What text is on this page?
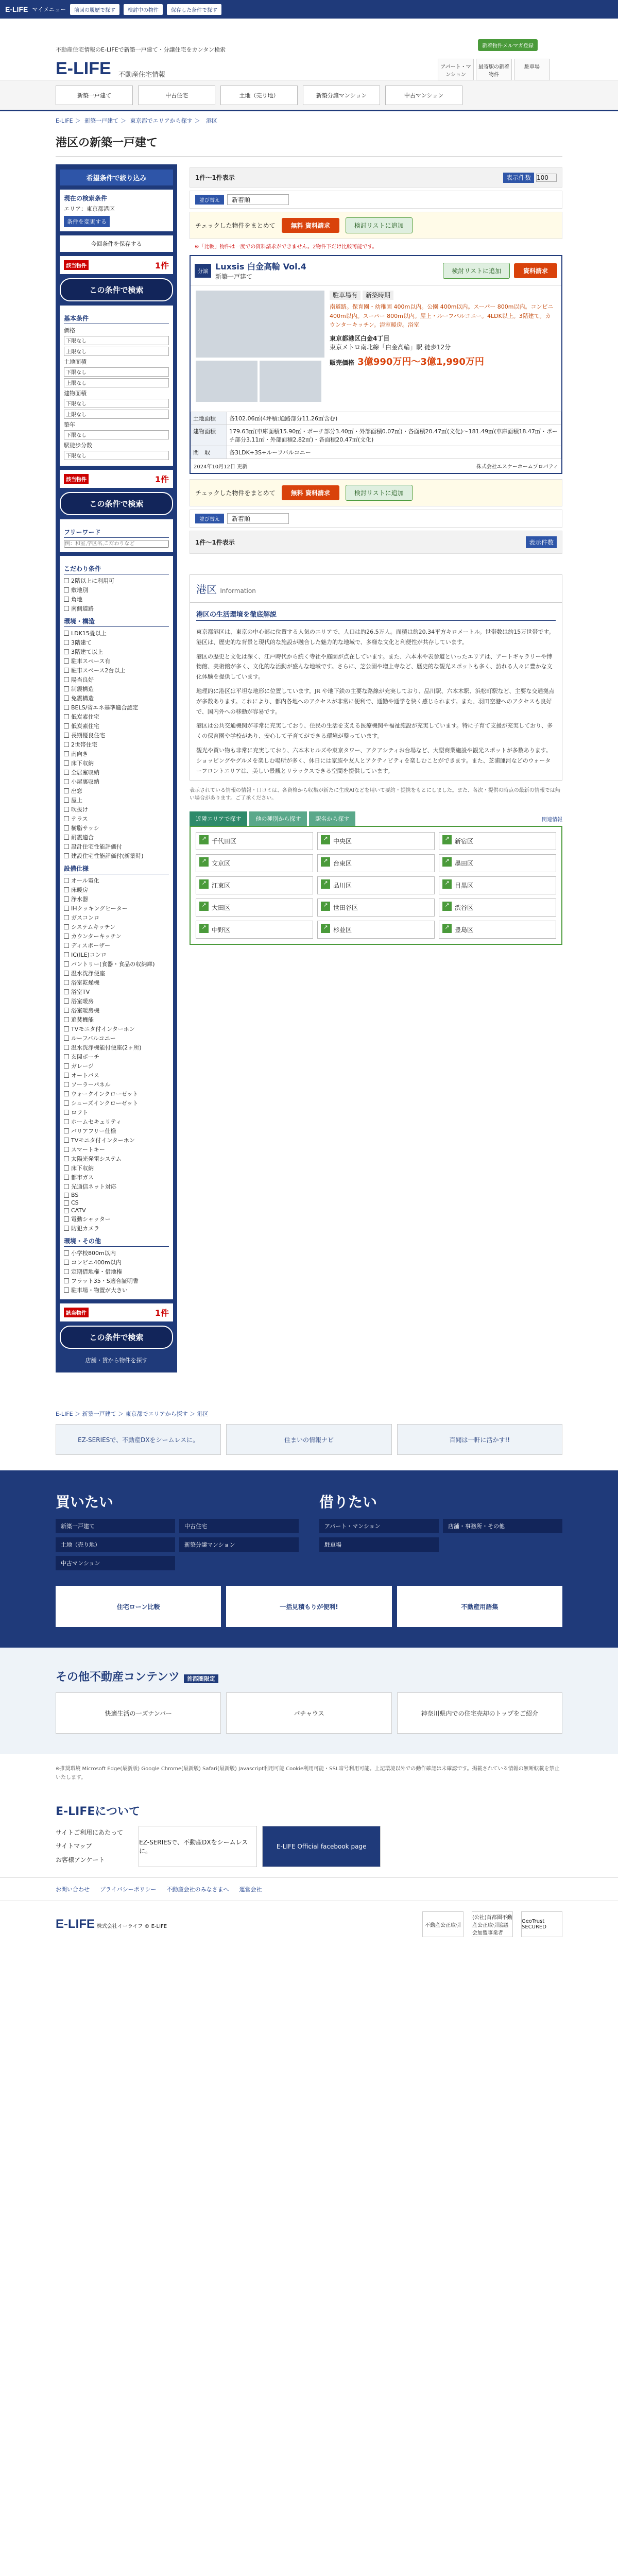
E-LIFE マイメニュー	前回の履歴で探す	検討中の物件	保存した条件で探す
不動産住宅情報のE-LIFEで新築一戸建て・分譲住宅をカンタン検索
E-LIFE 不動産住宅情報
新着物件メルマガ登録
アパート・マンション
最寄駅の新着物件
駐車場
新築一戸建て	中古住宅	土地（売り地）	新築分譲マンション	中古マンション
E-LIFE ＞ 新築一戸建て ＞ 東京都でエリアから探す ＞ 港区
港区の新築一戸建て
希望条件で絞り込み
現在の検索条件
エリア：東京都港区
条件を変更する
今回条件を保存する
該当物件	1件
この条件で検索
基本条件
価格
下限なし
上限なし
土地面積
下限なし
上限なし
建物面積
下限なし
上限なし
築年
下限なし
駅徒歩分数
下限なし
該当物件	1件
この条件で検索
フリーワード
例：和室,学区名,こだわりなど
こだわり条件
2階以上に利用可
敷地別
角地
南側道路
環境・構造
LDK15畳以上
3階建て
3階建て以上
駐車スペース有
駐車スペース2台以上
陽当良好
制震構造
免震構造
BELS/省エネ基準適合認定
低炭素住宅
低炭素住宅
長期優良住宅
2世帯住宅
南向き
床下収納
全居室収納
小屋裏収納
出窓
屋上
吹抜け
テラス
樹脂サッシ
耐震適合
設計住宅性能評価付
建設住宅性能評価付(新築時)
設備仕様
オール電化
床暖房
浄水器
IHクッキングヒーター
ガスコンロ
システムキッチン
カウンターキッチン
ディスポーザー
IC(ILE)コンロ
パントリー(食器・食品の収納庫)
温水洗浄便座
浴室乾燥機
浴室TV
浴室暖房
浴室暖房機
追焚機能
TVモニタ付インターホン
ルーフバルコニー
温水洗浄機能付便座(2ヶ所)
玄関ポーチ
ガレージ
オートバス
ソーラーパネル
ウォークインクローゼット
シューズインクローゼット
ロフト
ホームセキュリティ
バリアフリー仕様
TVモニタ付インターホン
スマートキー
太陽光発電システム
床下収納
都市ガス
光通信ネット対応
BS
CS
CATV
電動シャッター
防犯カメラ
環境・その他
小学校800m以内
コンビニ400m以内
定期借地権・借地権
フラット35・S適合証明書
駐車場・物置が大きい
該当物件	1件
この条件で検索
店舗・賃から物件を探す
1件〜1件表示	表示件数 100
並び替え	新着順
チェックした物件をまとめて	無料 資料請求	検討リストに追加
※「比較」物件は一度での資料請求ができません。2物件下だけ比較可能です。
分譲 Luxsis 白金高輪 Vol.4
新築一戸建て
検討リストに追加	資料請求

駐車場有 新築時期
南道路。保育園・幼稚園 400m以内。公園 400m以内。スーパー 800m以内。コンビニ 400m以内。スーパー 800m以内。屋上・ルーフバルコニー。4LDK以上。3階建て。カウンターキッチン。浴室暖房。浴室
東京都港区白金4丁目
東京メトロ南北線「白金高輪」駅 徒歩12分
販売価格 3億990万円〜3億1,990万円
土地面積	各102.06㎡(4坪積:通路部分11.26㎡含む)
建物面積	179.63㎡(車庫面積15.90㎡・ポーチ部分3.40㎡・外部面積0.07㎡)・各面積20.47㎡(文化)〜181.49㎡(車庫面積18.47㎡・ポーチ部分3.11㎡・外部面積2.82㎡)・各面積20.47㎡(文化)
間　取	各3LDK+3S+ルーフバルコニー
2024年10月12日 更新	株式会社エスケーホームプロパティ
チェックした物件をまとめて	無料 資料請求	検討リストに追加
並び替え	新着順
1件〜1件表示	表示件数
港区 Information
港区の生活環境を徹底解説

東京都港区は、東京の中心部に位置する人気のエリアで、人口は約26.5万人。面積は約20.34平方キロメートル。世帯数は約15万世帯です。港区は、歴史的な背景と現代的な施設が融合した魅力的な地域で、多様な文化と利便性が共存しています。

港区の歴史と文化は深く、江戸時代から続く寺社や庭園が点在しています。また、六本木や表参道といったエリアは、アートギャラリーや博物館、美術館が多く、文化的な活動が盛んな地域です。さらに、芝公園や増上寺など、歴史的な観光スポットも多く、訪れる人々に豊かな文化体験を提供しています。

地理的に港区は平坦な地形に位置しています。JR や地下鉄の主要な路線が充実しており、品川駅、六本木駅、浜松町駅など、主要な交通拠点が多数あります。これにより、都内各地へのアクセスが非常に便利で、通勤や通学を快く感じられます。また、羽田空港へのアクセスも良好で、国内外への移動が容易です。

港区は公共交通機関が非常に充実しており、住民の生活を支える医療機関や福祉施設が充実しています。特に子育て支援が充実しており、多くの保育園や学校があり、安心して子育てができる環境が整っています。

観光や買い物も非常に充実しており、六本木ヒルズや東京タワー、アクアシティお台場など、大型商業施設や観光スポットが多数あります。ショッピングやグルメを楽しむ場所が多く、休日には家族や友人とアクティビティを楽しむことができます。また、芝浦運河などのウォーターフロントエリアは、美しい景観とリラックスできる空間を提供しています。

表示されている情報の情報・口コミは、各資格から収集が新たに生成AIなどを用いて要約・提携をもとにしました。また、各次・提供の時点の最新の情報では無い場合があります。ご了承ください。
近隣エリアで探す	他の種別から探す	駅名から探す	関連情報
↗ 千代田区	↗ 中央区	↗ 新宿区
↗ 文京区	↗ 台東区	↗ 墨田区
↗ 江東区	↗ 品川区	↗ 目黒区
↗ 大田区	↗ 世田谷区	↗ 渋谷区
↗ 中野区	↗ 杉並区	↗ 豊島区
E-LIFE ＞ 新築一戸建て ＞ 東京都でエリアから探す ＞ 港区
EZ-SERIESで、不動産DXをシームレスに。	住まいの情報ナビ	百聞は一軒に活かす!!
買いたい
新築一戸建て	中古住宅
土地（売り地）	新築分譲マンション
中古マンション
借りたい
アパート・マンション	店舗・事務所・その他
駐車場
住宅ローン比較	一括見積もりが便利!	不動産用語集
その他不動産コンテンツ 首都圏限定
快適生活の一ズナンバー	パチャウス	神奈川県内での住宅売却のトップをご紹介
※推奨環境 Microsoft Edge(最新版) Google Chrome(最新版) Safari(最新版) Javascript利用可能 Cookie利用可能・SSL暗号利用可能。上記環境以外での動作確認は未確認です。掲載されている情報の無断転載を禁止いたします。
E-LIFEについて
サイトご利用にあたって
サイトマップ
お客様アンケート
EZ-SERIESで、不動産DXをシームレスに。
E-LIFE Official facebook page
お問い合わせ プライバシーポリシー 不動産会社のみなさまへ 運営会社
E-LIFE 株式会社イーライフ © E-LIFE	不動産公正取引
(公社)首都圏不動産公正取引協議会加盟事業者
GeoTrust SECURED
